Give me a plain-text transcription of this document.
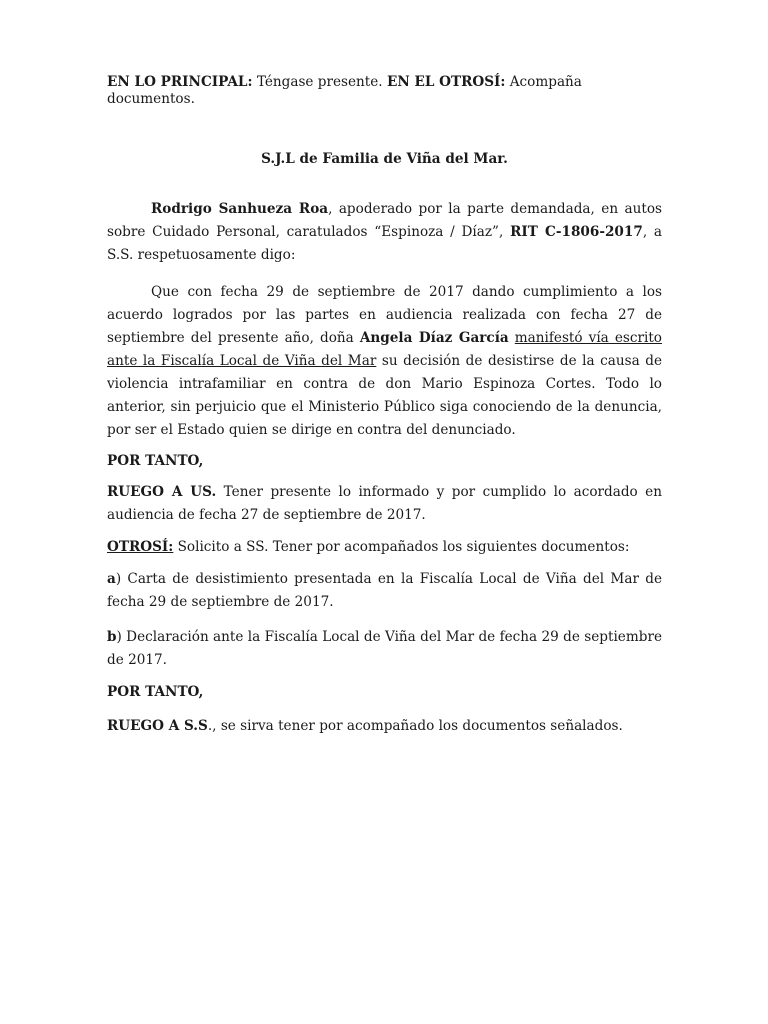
EN LO PRINCIPAL: Téngase presente. EN EL OTROSÍ: Acompaña documentos.

S.J.L de Familia de Viña del Mar.

Rodrigo Sanhueza Roa, apoderado por la parte demandada, en autos sobre Cuidado Personal, caratulados “Espinoza / Díaz”, RIT C-1806-2017, a S.S. respetuosamente digo:

Que con fecha 29 de septiembre de 2017 dando cumplimiento a los acuerdo logrados por las partes en audiencia realizada con fecha 27 de septiembre del presente año, doña Angela Díaz García manifestó vía escrito ante la Fiscalía Local de Viña del Mar su decisión de desistirse de la causa de violencia intrafamiliar en contra de don Mario Espinoza Cortes. Todo lo anterior, sin perjuicio que el Ministerio Público siga conociendo de la denuncia, por ser el Estado quien se dirige en contra del denunciado.

POR TANTO,

RUEGO A US. Tener presente lo informado y por cumplido lo acordado en audiencia de fecha 27 de septiembre de 2017.

OTROSÍ: Solicito a SS. Tener por acompañados los siguientes documentos:

a) Carta de desistimiento presentada en la Fiscalía Local de Viña del Mar de fecha 29 de septiembre de 2017.

b) Declaración ante la Fiscalía Local de Viña del Mar de fecha 29 de septiembre de 2017.

POR TANTO,

RUEGO A S.S., se sirva tener por acompañado los documentos señalados.
